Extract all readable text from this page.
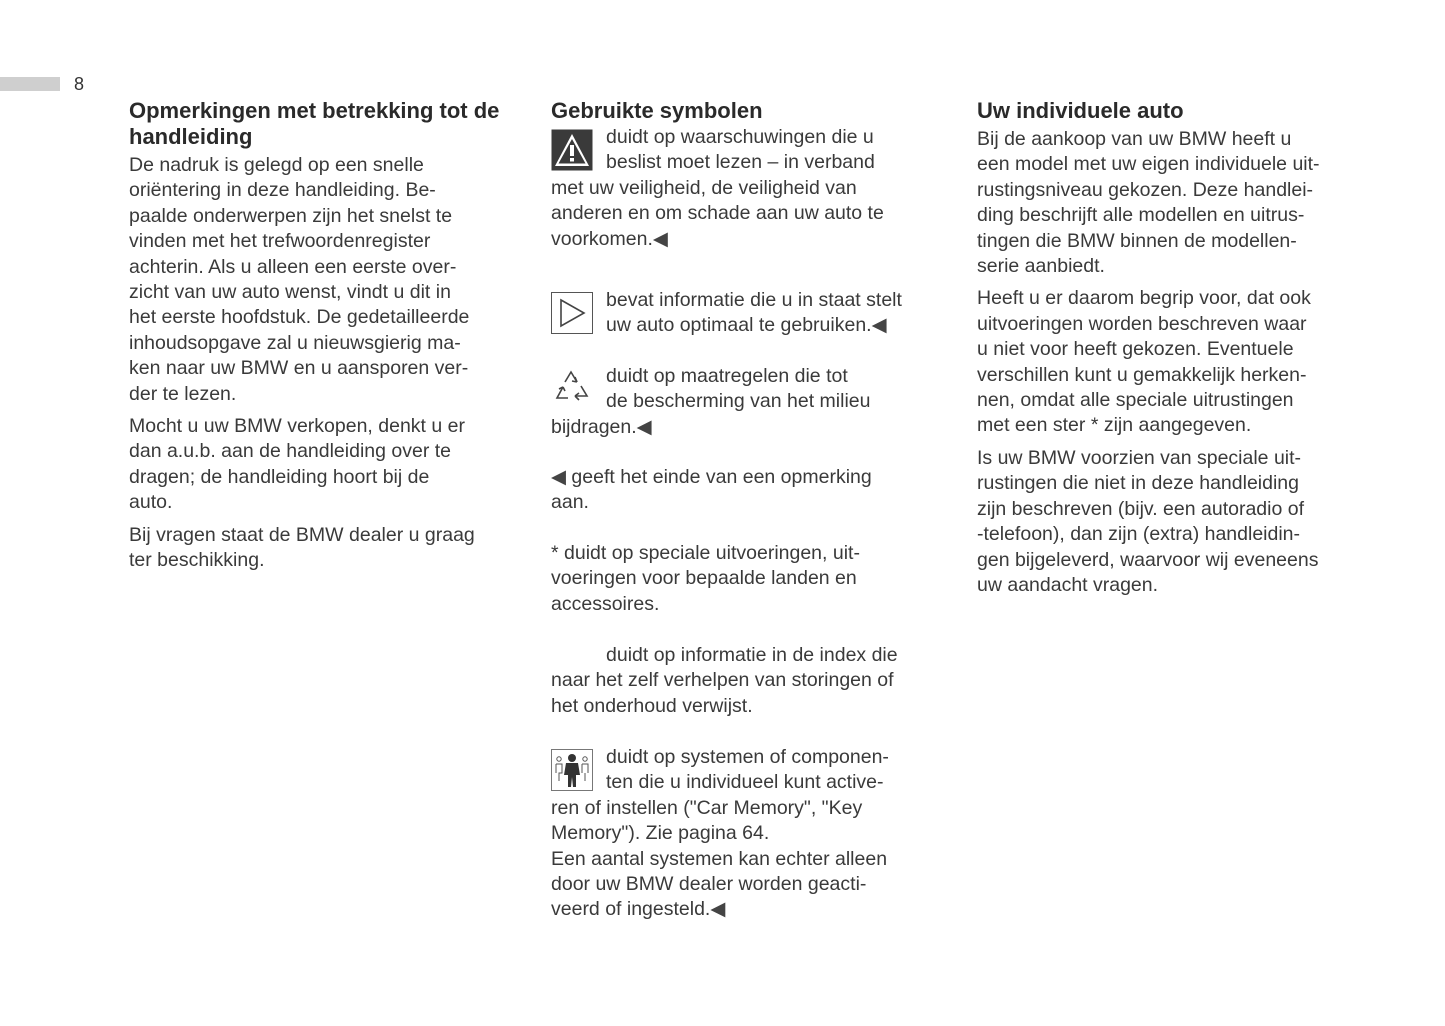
8
Opmerkingen met betrekking tot de handleiding

De nadruk is gelegd op een snelle
oriëntering in deze handleiding. Be-
paalde onderwerpen zijn het snelst te
vinden met het trefwoordenregister
achterin. Als u alleen een eerste over-
zicht van uw auto wenst, vindt u dit in
het eerste hoofdstuk. De gedetailleerde
inhoudsopgave zal u nieuwsgierig ma-
ken naar uw BMW en u aansporen ver-
der te lezen.

Mocht u uw BMW verkopen, denkt u er
dan a.u.b. aan de handleiding over te
dragen; de handleiding hoort bij de
auto.

Bij vragen staat de BMW dealer u graag
ter beschikking.

Gebruikte symbolen
duidt op waarschuwingen die u
beslist moet lezen – in verband
met uw veiligheid, de veiligheid van
anderen en om schade aan uw auto te
voorkomen.◀
bevat informatie die u in staat stelt
uw auto optimaal te gebruiken.◀
duidt op maatregelen die tot
de bescherming van het milieu
bijdragen.◀
◀ geeft het einde van een opmerking
aan.
* duidt op speciale uitvoeringen, uit-
voeringen voor bepaalde landen en
accessoires.
duidt op informatie in de index die
naar het zelf verhelpen van storingen of
het onderhoud verwijst.
duidt op systemen of componen-
ten die u individueel kunt active-
ren of instellen ("Car Memory", "Key
Memory"). Zie pagina 64.
Een aantal systemen kan echter alleen
door uw BMW dealer worden geacti-
veerd of ingesteld.◀
Uw individuele auto

Bij de aankoop van uw BMW heeft u
een model met uw eigen individuele uit-
rustingsniveau gekozen. Deze handlei-
ding beschrijft alle modellen en uitrus-
tingen die BMW binnen de modellen-
serie aanbiedt.

Heeft u er daarom begrip voor, dat ook
uitvoeringen worden beschreven waar
u niet voor heeft gekozen. Eventuele
verschillen kunt u gemakkelijk herken-
nen, omdat alle speciale uitrustingen
met een ster * zijn aangegeven.

Is uw BMW voorzien van speciale uit-
rustingen die niet in deze handleiding
zijn beschreven (bijv. een autoradio of
-telefoon), dan zijn (extra) handleidin-
gen bijgeleverd, waarvoor wij eveneens
uw aandacht vragen.
